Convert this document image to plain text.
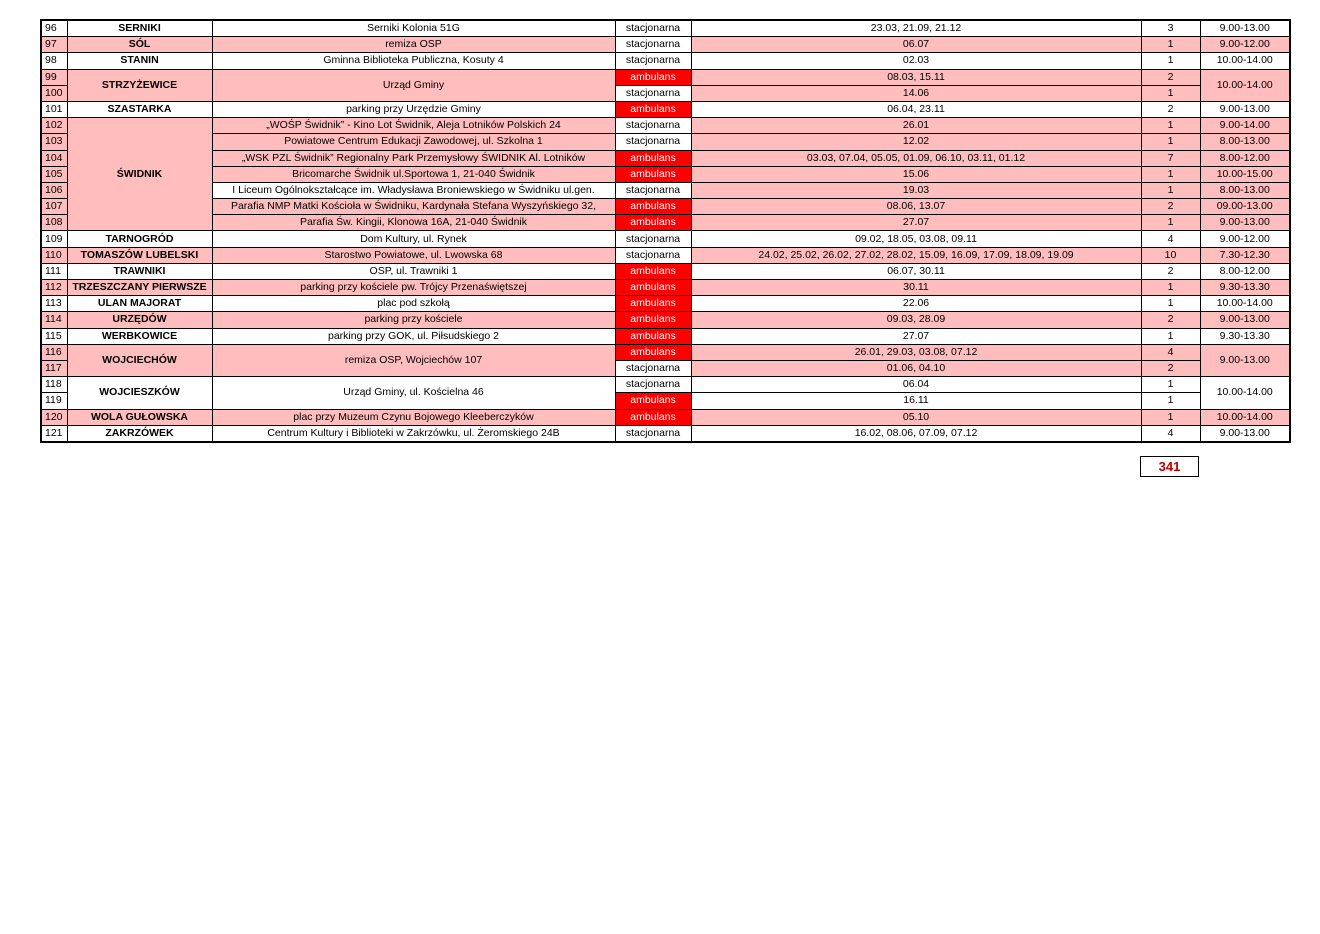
96	SERNIKI	Serniki Kolonia 51G	stacjonarna	23.03, 21.09, 21.12	3	9.00-13.00
97	SÓL	remiza OSP	stacjonarna	06.07	1	9.00-12.00
98	STANIN	Gminna Biblioteka Publiczna, Kosuty 4	stacjonarna	02.03	1	10.00-14.00
99	STRZYŻEWICE	Urząd Gminy	ambulans	08.03, 15.11	2	10.00-14.00
100			stacjonarna	14.06	1	
101	SZASTARKA	parking przy Urzędzie Gminy	ambulans	06.04, 23.11	2	9.00-13.00
102	ŚWIDNIK	„WOŚP Świdnik” - Kino Lot Świdnik, Aleja Lotników Polskich 24	stacjonarna	26.01	1	9.00-14.00
103		Powiatowe Centrum Edukacji Zawodowej, ul. Szkolna 1	stacjonarna	12.02	1	8.00-13.00
104		„WSK PZL Świdnik” Regionalny Park Przemysłowy ŚWIDNIK Al. Lotników	ambulans	03.03, 07.04, 05.05, 01.09, 06.10, 03.11, 01.12	7	8.00-12.00
105		Bricomarche Świdnik ul.Sportowa 1, 21-040 Świdnik	ambulans	15.06	1	10.00-15.00
106		I Liceum Ogólnokształcące im. Władysława Broniewskiego w Świdniku ul.gen.	stacjonarna	19.03	1	8.00-13.00
107		Parafia NMP Matki Kościoła w Świdniku, Kardynała Stefana Wyszyńskiego 32,	ambulans	08.06, 13.07	2	09.00-13.00
108		Parafia Św. Kingii, Klonowa 16A, 21-040 Świdnik	ambulans	27.07	1	9.00-13.00
109	TARNOGRÓD	Dom Kultury, ul. Rynek	stacjonarna	09.02, 18.05, 03.08, 09.11	4	9.00-12.00
110	TOMASZÓW LUBELSKI	Starostwo Powiatowe, ul. Lwowska 68	stacjonarna	24.02, 25.02, 26.02, 27.02, 28.02, 15.09, 16.09, 17.09, 18.09, 19.09	10	7.30-12.30
111	TRAWNIKI	OSP, ul. Trawniki 1	ambulans	06.07, 30.11	2	8.00-12.00
112	TRZESZCZANY PIERWSZE	parking przy kościele pw. Trójcy Przenaświętszej	ambulans	30.11	1	9.30-13.30
113	ULAN MAJORAT	plac pod szkołą	ambulans	22.06	1	10.00-14.00
114	URZĘDÓW	parking przy kościele	ambulans	09.03, 28.09	2	9.00-13.00
115	WERBKOWICE	parking przy GOK, ul. Piłsudskiego 2	ambulans	27.07	1	9.30-13.30
116	WOJCIECHÓW	remiza OSP, Wojciechów 107	ambulans	26.01, 29.03, 03.08, 07.12	4	9.00-13.00
117			stacjonarna	01.06, 04.10	2	
118	WOJCIESZKÓW	Urząd Gminy, ul. Kościelna 46	stacjonarna	06.04	1	10.00-14.00
119			ambulans	16.11	1	
120	WOLA GUŁOWSKA	plac przy Muzeum Czynu Bojowego Kleeberczyków	ambulans	05.10	1	10.00-14.00
121	ZAKRZÓWEK	Centrum Kultury i Biblioteki w Zakrzówku, ul. Żeromskiego 24B	stacjonarna	16.02, 08.06, 07.09, 07.12	4	9.00-13.00
341
